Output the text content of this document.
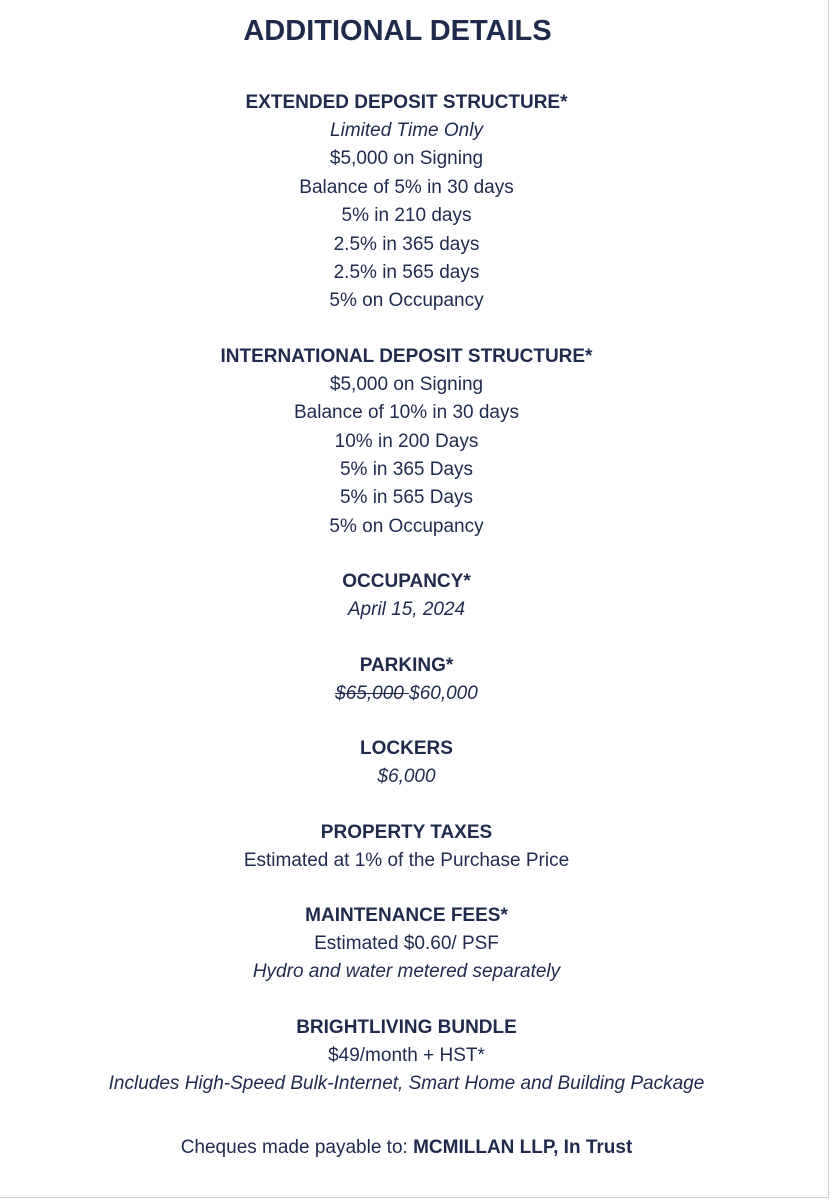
ADDITIONAL DETAILS
EXTENDED DEPOSIT STRUCTURE*
Limited Time Only
$5,000 on Signing
Balance of 5% in 30 days
5% in 210 days
2.5% in 365 days
2.5% in 565 days
5% on Occupancy
INTERNATIONAL DEPOSIT STRUCTURE*
$5,000 on Signing
Balance of 10% in 30 days
10% in 200 Days
5% in 365 Days
5% in 565 Days
5% on Occupancy
OCCUPANCY*
April 15, 2024
PARKING*
$65,000 $60,000
LOCKERS
$6,000
PROPERTY TAXES
Estimated at 1% of the Purchase Price
MAINTENANCE FEES*
Estimated $0.60/ PSF
Hydro and water metered separately
BRIGHTLIVING BUNDLE
$49/month + HST*
Includes High-Speed Bulk-Internet, Smart Home and Building Package
Cheques made payable to: MCMILLAN LLP, In Trust
